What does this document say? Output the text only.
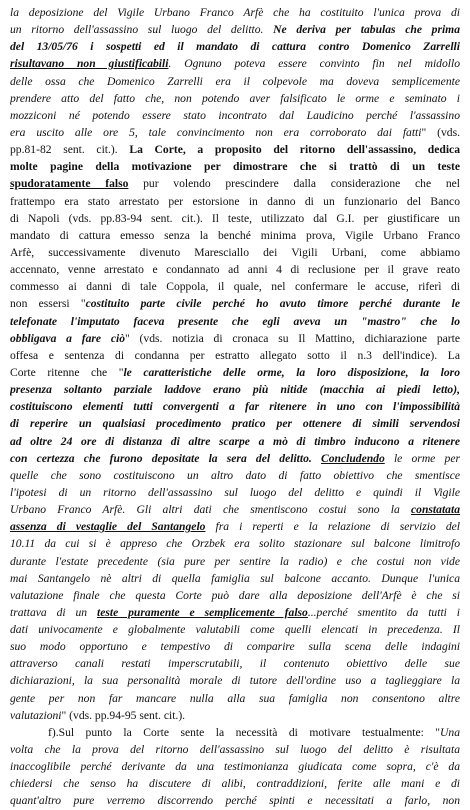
la deposizione del Vigile Urbano Franco Arfè che ha costituito l'unica prova di
un ritorno dell'assassino sul luogo del delitto. Ne deriva per tabulas che prima
del 13/05/76 i sospetti ed il mandato di cattura contro Domenico Zarrelli
risultavano non giustificabili. Ognuno poteva essere convinto fin nel midollo
delle ossa che Domenico Zarrelli era il colpevole ma doveva semplicemente
prendere atto del fatto che, non potendo aver falsificato le orme e seminato i
mozziconi né potendo essere stato incontrato dal Laudicino perché l'assassino
era uscito alle ore 5, tale convincimento non era corroborato dai fatti" (vds.
pp.81-82 sent. cit.). La Corte, a proposito del ritorno dell'assassino, dedica
molte pagine della motivazione per dimostrare che si trattò di un teste
spudoratamente falso pur volendo prescindere dalla considerazione che nel
frattempo era stato arrestato per estorsione in danno di un funzionario del Banco
di Napoli (vds. pp.83-94 sent. cit.). Il teste, utilizzato dal G.I. per giustificare un
mandato di cattura emesso senza la benché minima prova, Vigile Urbano Franco
Arfè, successivamente divenuto Maresciallo dei Vigili Urbani, come abbiamo
accennato, venne arrestato e condannato ad anni 4 di reclusione per il grave reato
commesso ai danni di tale Coppola, il quale, nel confermare le accuse, riferì di
non essersi "costituito parte civile perché ho avuto timore perché durante le
telefonate l'imputato faceva presente che egli aveva un "mastro" che lo
obbligava a fare ciò" (vds. notizia di cronaca su Il Mattino, dichiarazione parte
offesa e sentenza di condanna per estratto allegato sotto il n.3 dell'indice). La
Corte ritenne che "le caratteristiche delle orme, la loro disposizione, la loro
presenza soltanto parziale laddove erano più nitide (macchia ai piedi letto),
costituiscono elementi tutti convergenti a far ritenere in uno con l'impossibilità
di reperire un qualsiasi procedimento pratico per ottenere di simili servendosi
ad oltre 24 ore di distanza di altre scarpe a mò di timbro inducono a ritenere
con certezza che furono depositate la sera del delitto. Concludendo le orme per
quelle che sono costituiscono un altro dato di fatto obiettivo che smentisce
l'ipotesi di un ritorno dell'assassino sul luogo del delitto e quindi il Vigile
Urbano Franco Arfè. Gli altri dati che smentiscono costui sono la constatata
assenza di vestaglie del Santangelo fra i reperti e la relazione di servizio del
10.11 da cui si è appreso che Orzbek era solito stazionare sul balcone limitrofo
durante l'estate precedente (sia pure per sentire la radio) e che costui non vide
mai Santangelo nè altri di quella famiglia sul balcone accanto. Dunque l'unica
valutazione finale che questa Corte può dare alla deposizione dell'Arfè è che si
trattava di un teste puramente e semplicemente falso...perché smentito da tutti i
dati univocamente e globalmente valutabili come quelli elencati in precedenza. Il
suo modo opportuno e tempestivo di comparire sulla scena delle indagini
attraverso canali restati imperscrutabili, il contenuto obiettivo delle sue
dichiarazioni, la sua personalità morale di tutore dell'ordine uso a taglieggiare la
gente per non far mancare nulla alla sua famiglia non consentono altre
valutazioni" (vds. pp.94-95 sent. cit.).
f).Sul punto la Corte sente la necessità di motivare testualmente: "Una
volta che la prova del ritorno dell'assassino sul luogo del delitto è risultata
inaccoglibile perché derivante da una testimonianza giudicata come sopra, c'è da
chiedersi che senso ha discutere di alibi, contraddizioni, ferite alle mani e di
quant'altro pure verremo discorrendo perché spinti e necessitati a farlo, non
